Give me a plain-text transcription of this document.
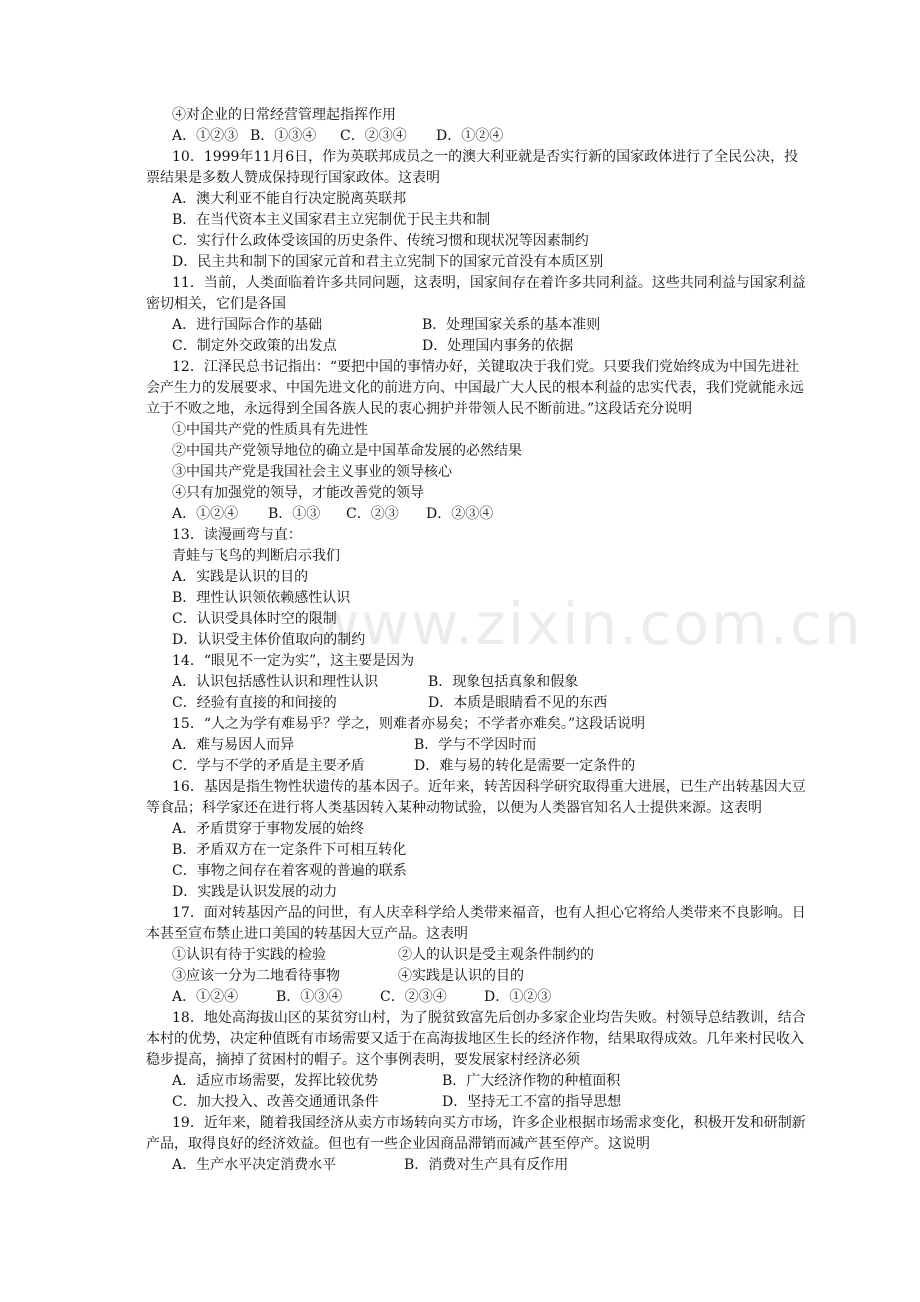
www.zixin.com.cn
④对企业的日常经营管理起指挥作用
A．①②③ B．①③④	C．②③④	D．①②④
10．1999年11月6日，作为英联邦成员之一的澳大利亚就是否实行新的国家政体进行了全民公决，投
票结果是多数人赞成保持现行国家政体。这表明
A．澳大利亚不能自行决定脱离英联邦
B．在当代资本主义国家君主立宪制优于民主共和制
C．实行什么政体受该国的历史条件、传统习惯和现状况等因素制约
D．民主共和制下的国家元首和君主立宪制下的国家元首没有本质区别
11．当前，人类面临着许多共同问题，这表明，国家间存在着许多共同利益。这些共同利益与国家利益
密切相关，它们是各国
A．进行国际合作的基础	B．处理国家关系的基本准则
C．制定外交政策的出发点	D．处理国内事务的依据
12．江泽民总书记指出：“要把中国的事情办好，关键取决于我们党。只要我们党始终成为中国先进社
会产生力的发展要求、中国先进文化的前进方向、中国最广大人民的根本利益的忠实代表，我们党就能永远
立于不败之地，永远得到全国各族人民的衷心拥护并带领人民不断前进。”这段话充分说明
①中国共产党的性质具有先进性
②中国共产党领导地位的确立是中国革命发展的必然结果
③中国共产党是我国社会主义事业的领导核心
④只有加强党的领导，才能改善党的领导
A．①②④	B．①③	C．②③	D．②③④
13．读漫画弯与直：
青蛙与飞鸟的判断启示我们
A．实践是认识的目的
B．理性认识领依赖感性认识
C．认识受具体时空的限制
D．认识受主体价值取向的制约
14．“眼见不一定为实”，这主要是因为
A．认识包括感性认识和理性认识	B．现象包括真象和假象
C．经验有直接的和间接的	D．本质是眼睛看不见的东西
15．“人之为学有难易乎？学之，则难者亦易矣；不学者亦难矣。”这段话说明
A．难与易因人而异	B．学与不学因时而
C．学与不学的矛盾是主要矛盾	D．难与易的转化是需要一定条件的
16．基因是指生物性状遗传的基本因子。近年来，转苦因科学研究取得重大进展，已生产出转基因大豆
等食品；科学家还在进行将人类基因转入某种动物试验，以便为人类器官知名人士提供来源。这表明
A．矛盾贯穿于事物发展的始终
B．矛盾双方在一定条件下可相互转化
C．事物之间存在着客观的普遍的联系
D．实践是认识发展的动力
17．面对转基因产品的问世，有人庆幸科学给人类带来福音，也有人担心它将给人类带来不良影响。日
本甚至宣布禁止进口美国的转基因大豆产品。这表明
①认识有待于实践的检验	②人的认识是受主观条件制约的
③应该一分为二地看待事物	④实践是认识的目的
A．①②④	B．①③④	C．②③④	D．①②③
18．地处高海拔山区的某贫穷山村，为了脱贫致富先后创办多家企业均告失败。村领导总结教训，结合
本村的优势，决定种值既有市场需要又适于在高海拔地区生长的经济作物，结果取得成效。几年来村民收入
稳步提高，摘掉了贫困村的帽子。这个事例表明，要发展家村经济必须
A．适应市场需要，发挥比较优势	B．广大经济作物的种植面积
C．加大投入、改善交通通讯条件	D．坚持无工不富的指导思想
19．近年来，随着我国经济从卖方市场转向买方市场，许多企业根据市场需求变化，积极开发和研制新
产品，取得良好的经济效益。但也有一些企业因商品滞销而减产甚至停产。这说明
A．生产水平决定消费水平	B．消费对生产具有反作用
